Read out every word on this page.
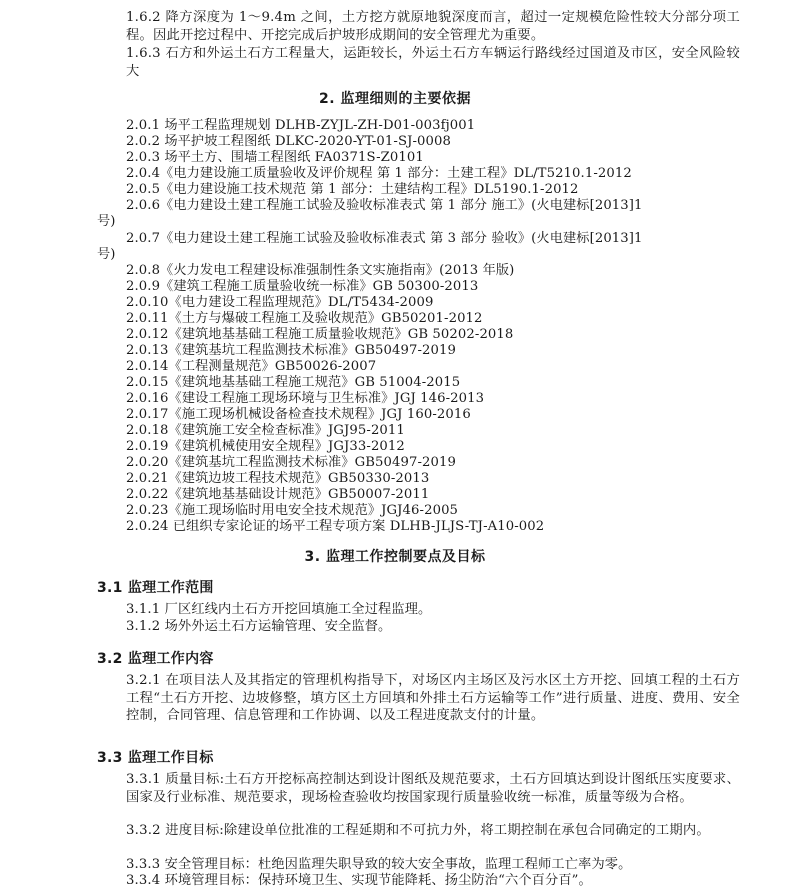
1.6.2 降方深度为 1～9.4m 之间，土方挖方就原地貌深度而言，超过一定规模危险性较大分部分项工程。因此开挖过程中、开挖完成后护坡形成期间的安全管理尤为重要。
1.6.3 石方和外运土石方工程量大，运距较长，外运土石方车辆运行路线经过国道及市区，安全风险较大
2. 监理细则的主要依据
2.0.1 场平工程监理规划 DLHB-ZYJL-ZH-D01-003fj001
2.0.2 场平护坡工程图纸 DLKC-2020-YT-01-SJ-0008
2.0.3 场平土方、围墙工程图纸 FA0371S-Z0101
2.0.4《电力建设施工质量验收及评价规程 第 1 部分：土建工程》DL/T5210.1-2012
2.0.5《电力建设施工技术规范 第 1 部分：土建结构工程》DL5190.1-2012
2.0.6《电力建设土建工程施工试验及验收标准表式 第 1 部分 施工》(火电建标[2013]1
号)
2.0.7《电力建设土建工程施工试验及验收标准表式 第 3 部分 验收》(火电建标[2013]1
号)
2.0.8《火力发电工程建设标准强制性条文实施指南》(2013 年版)
2.0.9《建筑工程施工质量验收统一标准》GB 50300-2013
2.0.10《电力建设工程监理规范》DL/T5434-2009
2.0.11《土方与爆破工程施工及验收规范》GB50201-2012
2.0.12《建筑地基基础工程施工质量验收规范》GB 50202-2018
2.0.13《建筑基坑工程监测技术标准》GB50497-2019
2.0.14《工程测量规范》GB50026-2007
2.0.15《建筑地基基础工程施工规范》GB 51004-2015
2.0.16《建设工程施工现场环境与卫生标准》JGJ 146-2013
2.0.17《施工现场机械设备检查技术规程》JGJ 160-2016
2.0.18《建筑施工安全检查标准》JGJ95-2011
2.0.19《建筑机械使用安全规程》JGJ33-2012
2.0.20《建筑基坑工程监测技术标准》GB50497-2019
2.0.21《建筑边坡工程技术规范》GB50330-2013
2.0.22《建筑地基基础设计规范》GB50007-2011
2.0.23《施工现场临时用电安全技术规范》JGJ46-2005
2.0.24 已组织专家论证的场平工程专项方案 DLHB-JLJS-TJ-A10-002
3. 监理工作控制要点及目标
3.1 监理工作范围
3.1.1 厂区红线内土石方开挖回填施工全过程监理。
3.1.2 场外外运土石方运输管理、安全监督。
3.2 监理工作内容
3.2.1 在项目法人及其指定的管理机构指导下，对场区内主场区及污水区土方开挖、回填工程的土石方工程“土石方开挖、边坡修整，填方区土方回填和外排土石方运输等工作”进行质量、进度、费用、安全控制，合同管理、信息管理和工作协调、以及工程进度款支付的计量。
3.3 监理工作目标
3.3.1 质量目标:土石方开挖标高控制达到设计图纸及规范要求，土石方回填达到设计图纸压实度要求、国家及行业标准、规范要求，现场检查验收均按国家现行质量验收统一标准，质量等级为合格。
3.3.2 进度目标:除建设单位批准的工程延期和不可抗力外，将工期控制在承包合同确定的工期内。
3.3.3 安全管理目标：杜绝因监理失职导致的较大安全事故，监理工程师工亡率为零。
3.3.4 环境管理目标：保持环境卫生、实现节能降耗、扬尘防治“六个百分百”。
